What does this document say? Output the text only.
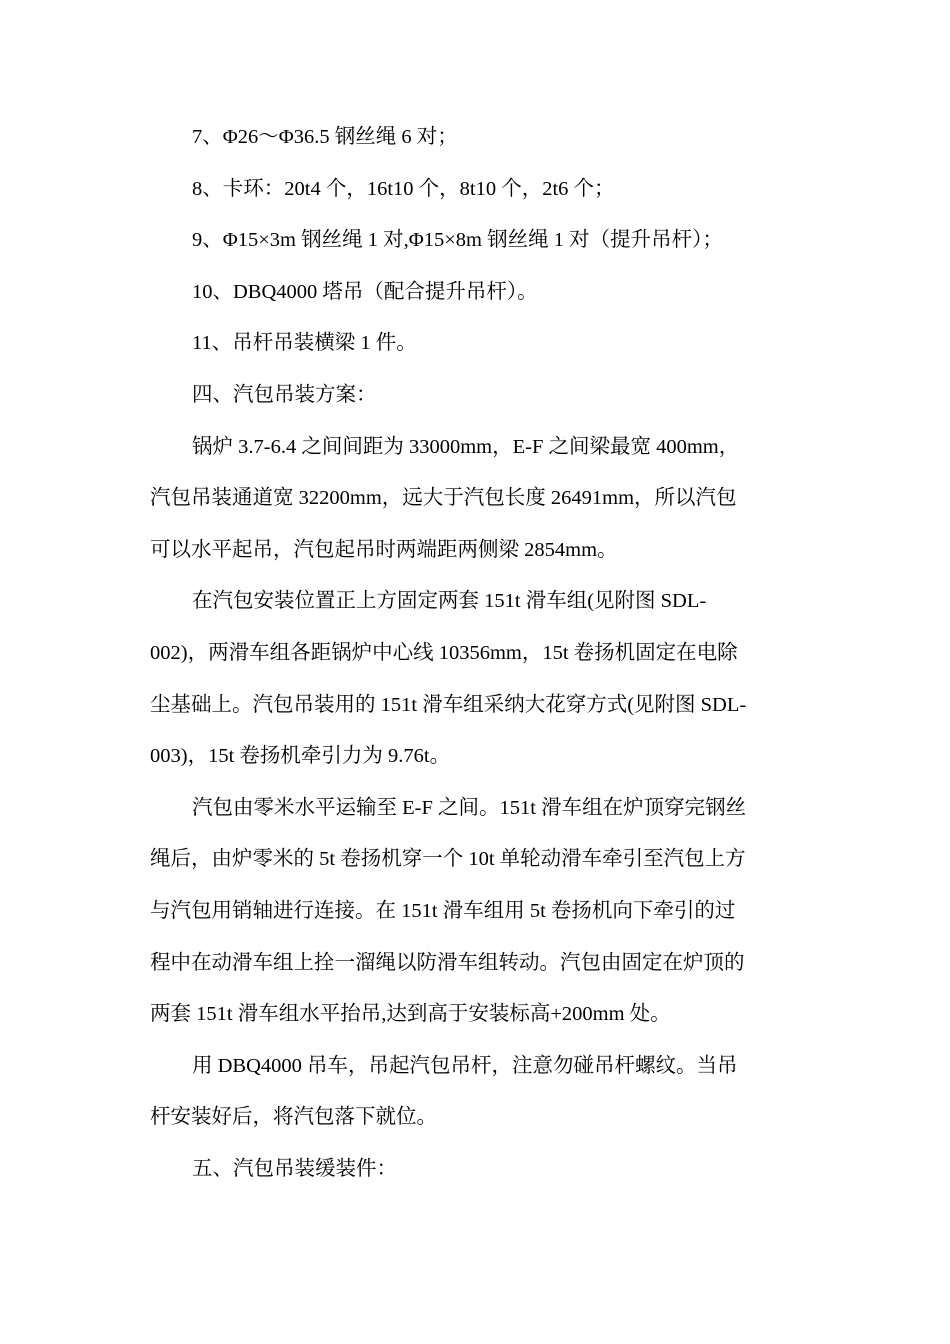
7、Φ26～Φ36.5 钢丝绳 6 对；

8、卡环：20t4 个，16t10 个，8t10 个，2t6 个；

9、Φ15×3m 钢丝绳 1 对,Φ15×8m 钢丝绳 1 对（提升吊杆）；

10、DBQ4000 塔吊（配合提升吊杆）。

11、吊杆吊装横梁 1 件。

四、汽包吊装方案：

锅炉 3.7-6.4 之间间距为 33000mm，E-F 之间梁最宽 400mm，
汽包吊装通道宽 32200mm，远大于汽包长度 26491mm，所以汽包
可以水平起吊，汽包起吊时两端距两侧梁 2854mm。
在汽包安装位置正上方固定两套 151t 滑车组(见附图 SDL-
002)，两滑车组各距锅炉中心线 10356mm，15t 卷扬机固定在电除
尘基础上。汽包吊装用的 151t 滑车组采纳大花穿方式(见附图 SDL-
003)，15t 卷扬机牵引力为 9.76t。
汽包由零米水平运输至 E-F 之间。151t 滑车组在炉顶穿完钢丝
绳后，由炉零米的 5t 卷扬机穿一个 10t 单轮动滑车牵引至汽包上方
与汽包用销轴进行连接。在 151t 滑车组用 5t 卷扬机向下牵引的过
程中在动滑车组上拴一溜绳以防滑车组转动。汽包由固定在炉顶的
两套 151t 滑车组水平抬吊,达到高于安装标高+200mm 处。
用 DBQ4000 吊车，吊起汽包吊杆，注意勿碰吊杆螺纹。当吊
杆安装好后，将汽包落下就位。

五、汽包吊装缓装件：
